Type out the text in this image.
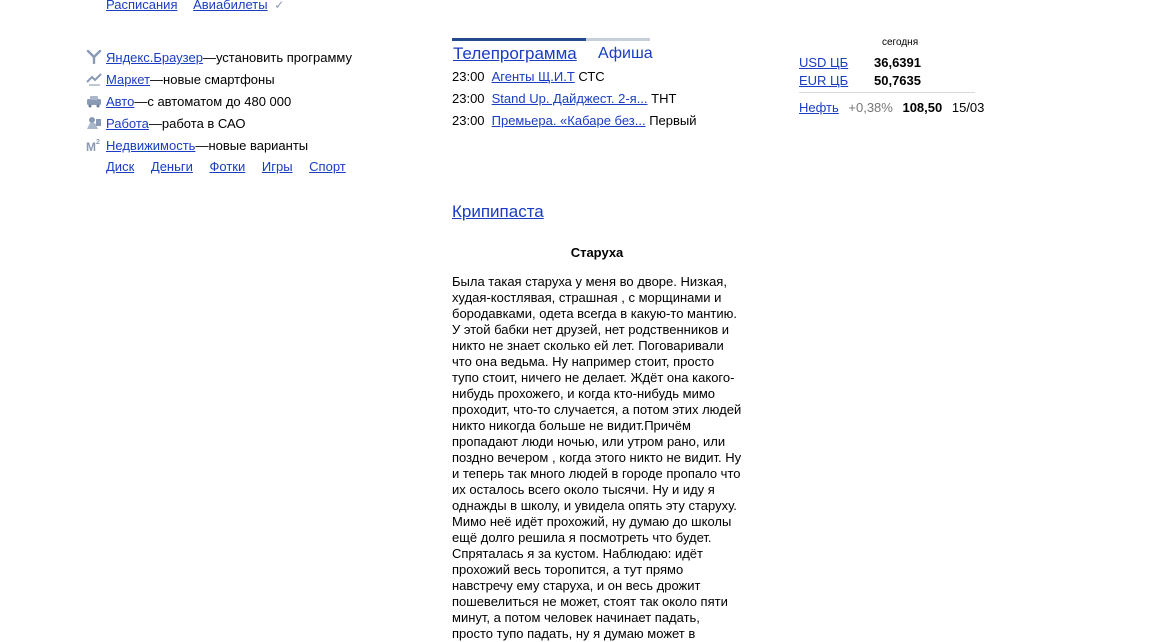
Расписания Авиабилеты ✓
Яндекс.Браузер — установить программу
Маркет — новые смартфоны
Авто — с автоматом до 480 000
Работа — работа в САО
M 2 Недвижимость — новые варианты
Диск Деньги Фотки Игры Спорт
Телепрограмма Афиша
23:00 Агенты Щ.И.Т СТС
23:00 Stand Up. Дайджест. 2-я... ТНТ
23:00 Премьера. «Кабаре без... Первый
сегодня
USD ЦБ 36,6391
EUR ЦБ 50,7635
Нефть +0,38% 108,50 15/03
Крипипаста
Старуха
Была такая старуха у меня во дворе. Низкая, худая-костлявая, страшная , с морщинами и бородавками, одета всегда в какую-то мантию. У этой бабки нет друзей, нет родственников и никто не знает сколько ей лет. Поговаривали что она ведьма. Ну например стоит, просто тупо стоит, ничего не делает. Ждёт она какого-нибудь прохожего, и когда кто-нибудь мимо проходит, что-то случается, а потом этих людей никто никогда больше не видит.Причём пропадают люди ночью, или утром рано, или поздно вечером , когда этого никто не видит. Ну и теперь так много людей в городе пропало что их осталось всего около тысячи. Ну и иду я однажды в школу, и увидела опять эту старуху. Мимо неё идёт прохожий, ну думаю до школы ещё долго решила я посмотреть что будет. Спряталась я за кустом. Наблюдаю: идёт прохожий весь торопится, а тут прямо навстречу ему старуха, и он весь дрожит пошевелиться не может, стоят так около пяти минут, а потом человек начинает падать, просто тупо падать, ну я думаю может в
